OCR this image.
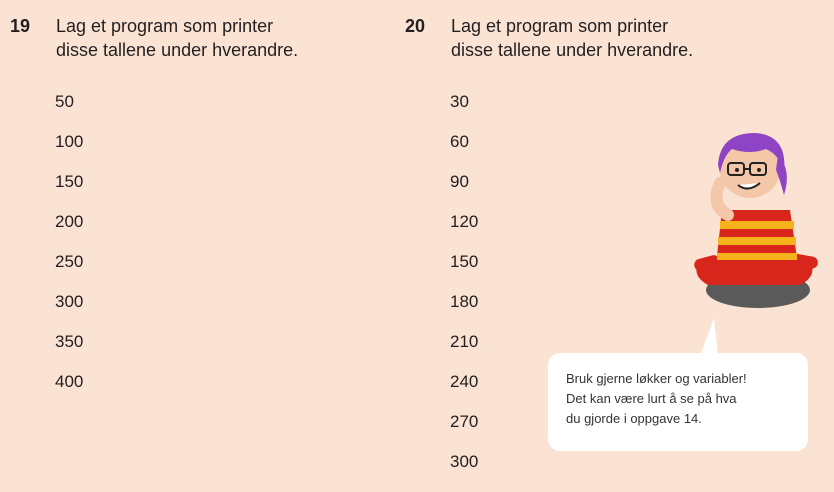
19	Lag et program som printer
disse tallene under hverandre.
50
100
150
200
250
300
350
400
20	Lag et program som printer
disse tallene under hverandre.
30
60
90
120
150
180
210
240
270
300

Bruk gjerne løkker og variabler!

Det kan være lurt å se på hva

du gjorde i oppgave 14.
